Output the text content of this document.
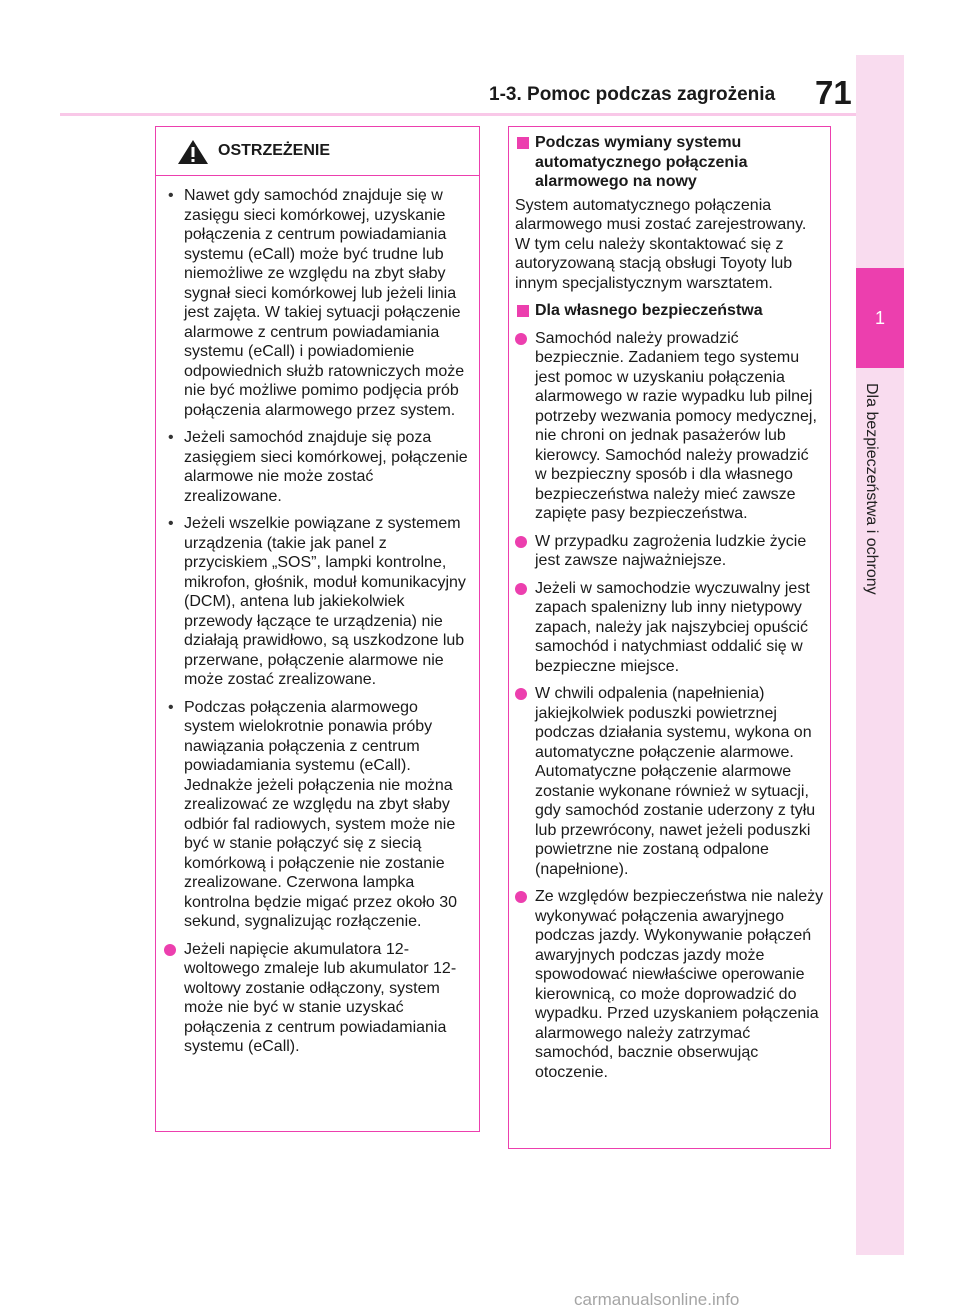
1
Dla bezpieczeństwa i ochrony
1-3. Pomoc podczas zagrożenia 71
OSTRZEŻENIE

• Nawet gdy samochód znajduje się w zasięgu sieci komórkowej, uzyskanie połączenia z centrum powiadamiania systemu (eCall) może być trudne lub niemożliwe ze względu na zbyt słaby sygnał sieci komórkowej lub jeżeli linia jest zajęta. W takiej sytuacji połączenie alarmowe z centrum powiadamiania systemu (eCall) i powiadomienie odpowiednich służb ratowniczych może nie być możliwe pomimo podjęcia prób połączenia alarmowego przez system.

• Jeżeli samochód znajduje się poza zasięgiem sieci komórkowej, połączenie alarmowe nie może zostać zrealizowane.

• Jeżeli wszelkie powiązane z systemem urządzenia (takie jak panel z przyciskiem „SOS”, lampki kontrolne, mikrofon, głośnik, moduł komunikacyjny (DCM), antena lub jakiekolwiek przewody łączące te urządzenia) nie działają prawidłowo, są uszkodzone lub przerwane, połączenie alarmowe nie może zostać zrealizowane.

• Podczas połączenia alarmowego system wielokrotnie ponawia próby nawiązania połączenia z centrum powiadamiania systemu (eCall). Jednakże jeżeli połączenia nie można zrealizować ze względu na zbyt słaby odbiór fal radiowych, system może nie być w stanie połączyć się z siecią komórkową i połączenie nie zostanie zrealizowane. Czerwona lampka kontrolna będzie migać przez około 30 sekund, sygnalizując rozłączenie.

Jeżeli napięcie akumulatora 12-woltowego zmaleje lub akumulator 12-woltowy zostanie odłączony, system może nie być w stanie uzyskać połączenia z centrum powiadamiania systemu (eCall).

Podczas wymiany systemu automatycznego połączenia alarmowego na nowy

System automatycznego połączenia alarmowego musi zostać zarejestrowany. W tym celu należy skontaktować się z autoryzowaną stacją obsługi Toyoty lub innym specjalistycznym warsztatem.

Dla własnego bezpieczeństwa

Samochód należy prowadzić bezpiecznie. Zadaniem tego systemu jest pomoc w uzyskaniu połączenia alarmowego w razie wypadku lub pilnej potrzeby wezwania pomocy medycznej, nie chroni on jednak pasażerów lub kierowcy. Samochód należy prowadzić w bezpieczny sposób i dla własnego bezpieczeństwa należy mieć zawsze zapięte pasy bezpieczeństwa.

W przypadku zagrożenia ludzkie życie jest zawsze najważniejsze.

Jeżeli w samochodzie wyczuwalny jest zapach spalenizny lub inny nietypowy zapach, należy jak najszybciej opuścić samochód i natychmiast oddalić się w bezpieczne miejsce.

W chwili odpalenia (napełnienia) jakiejkolwiek poduszki powietrznej podczas działania systemu, wykona on automatyczne połączenie alarmowe. Automatyczne połączenie alarmowe zostanie wykonane również w sytuacji, gdy samochód zostanie uderzony z tyłu lub przewrócony, nawet jeżeli poduszki powietrzne nie zostaną odpalone (napełnione).

Ze względów bezpieczeństwa nie należy wykonywać połączenia awaryjnego podczas jazdy. Wykonywanie połączeń awaryjnych podczas jazdy może spowodować niewłaściwe operowanie kierownicą, co może doprowadzić do wypadku. Przed uzyskaniem połączenia alarmowego należy zatrzymać samochód, bacznie obserwując otoczenie.

carmanualsonline.info
